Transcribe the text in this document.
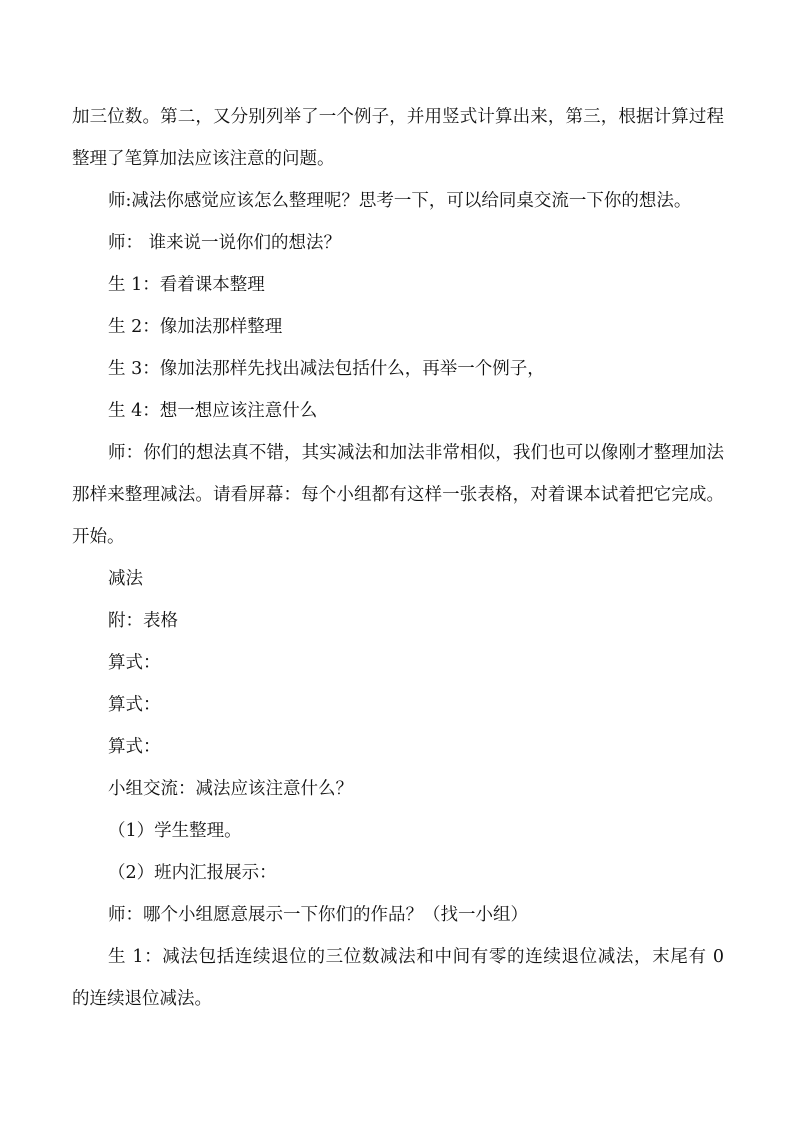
加三位数。第二，又分别列举了一个例子，并用竖式计算出来，第三，根据计算过程整理了笔算加法应该注意的问题。

师:减法你感觉应该怎么整理呢？思考一下，可以给同桌交流一下你的想法。

师： 谁来说一说你们的想法？

生 1：看着课本整理

生 2：像加法那样整理

生 3：像加法那样先找出减法包括什么，再举一个例子，

生 4：想一想应该注意什么

师：你们的想法真不错，其实减法和加法非常相似，我们也可以像刚才整理加法那样来整理减法。请看屏幕：每个小组都有这样一张表格，对着课本试着把它完成。开始。

减法

附：表格

算式：

算式：

算式：

小组交流：减法应该注意什么？

（1）学生整理。

（2）班内汇报展示：

师：哪个小组愿意展示一下你们的作品？（找一小组）

生 1：减法包括连续退位的三位数减法和中间有零的连续退位减法，末尾有 0 的连续退位减法。
